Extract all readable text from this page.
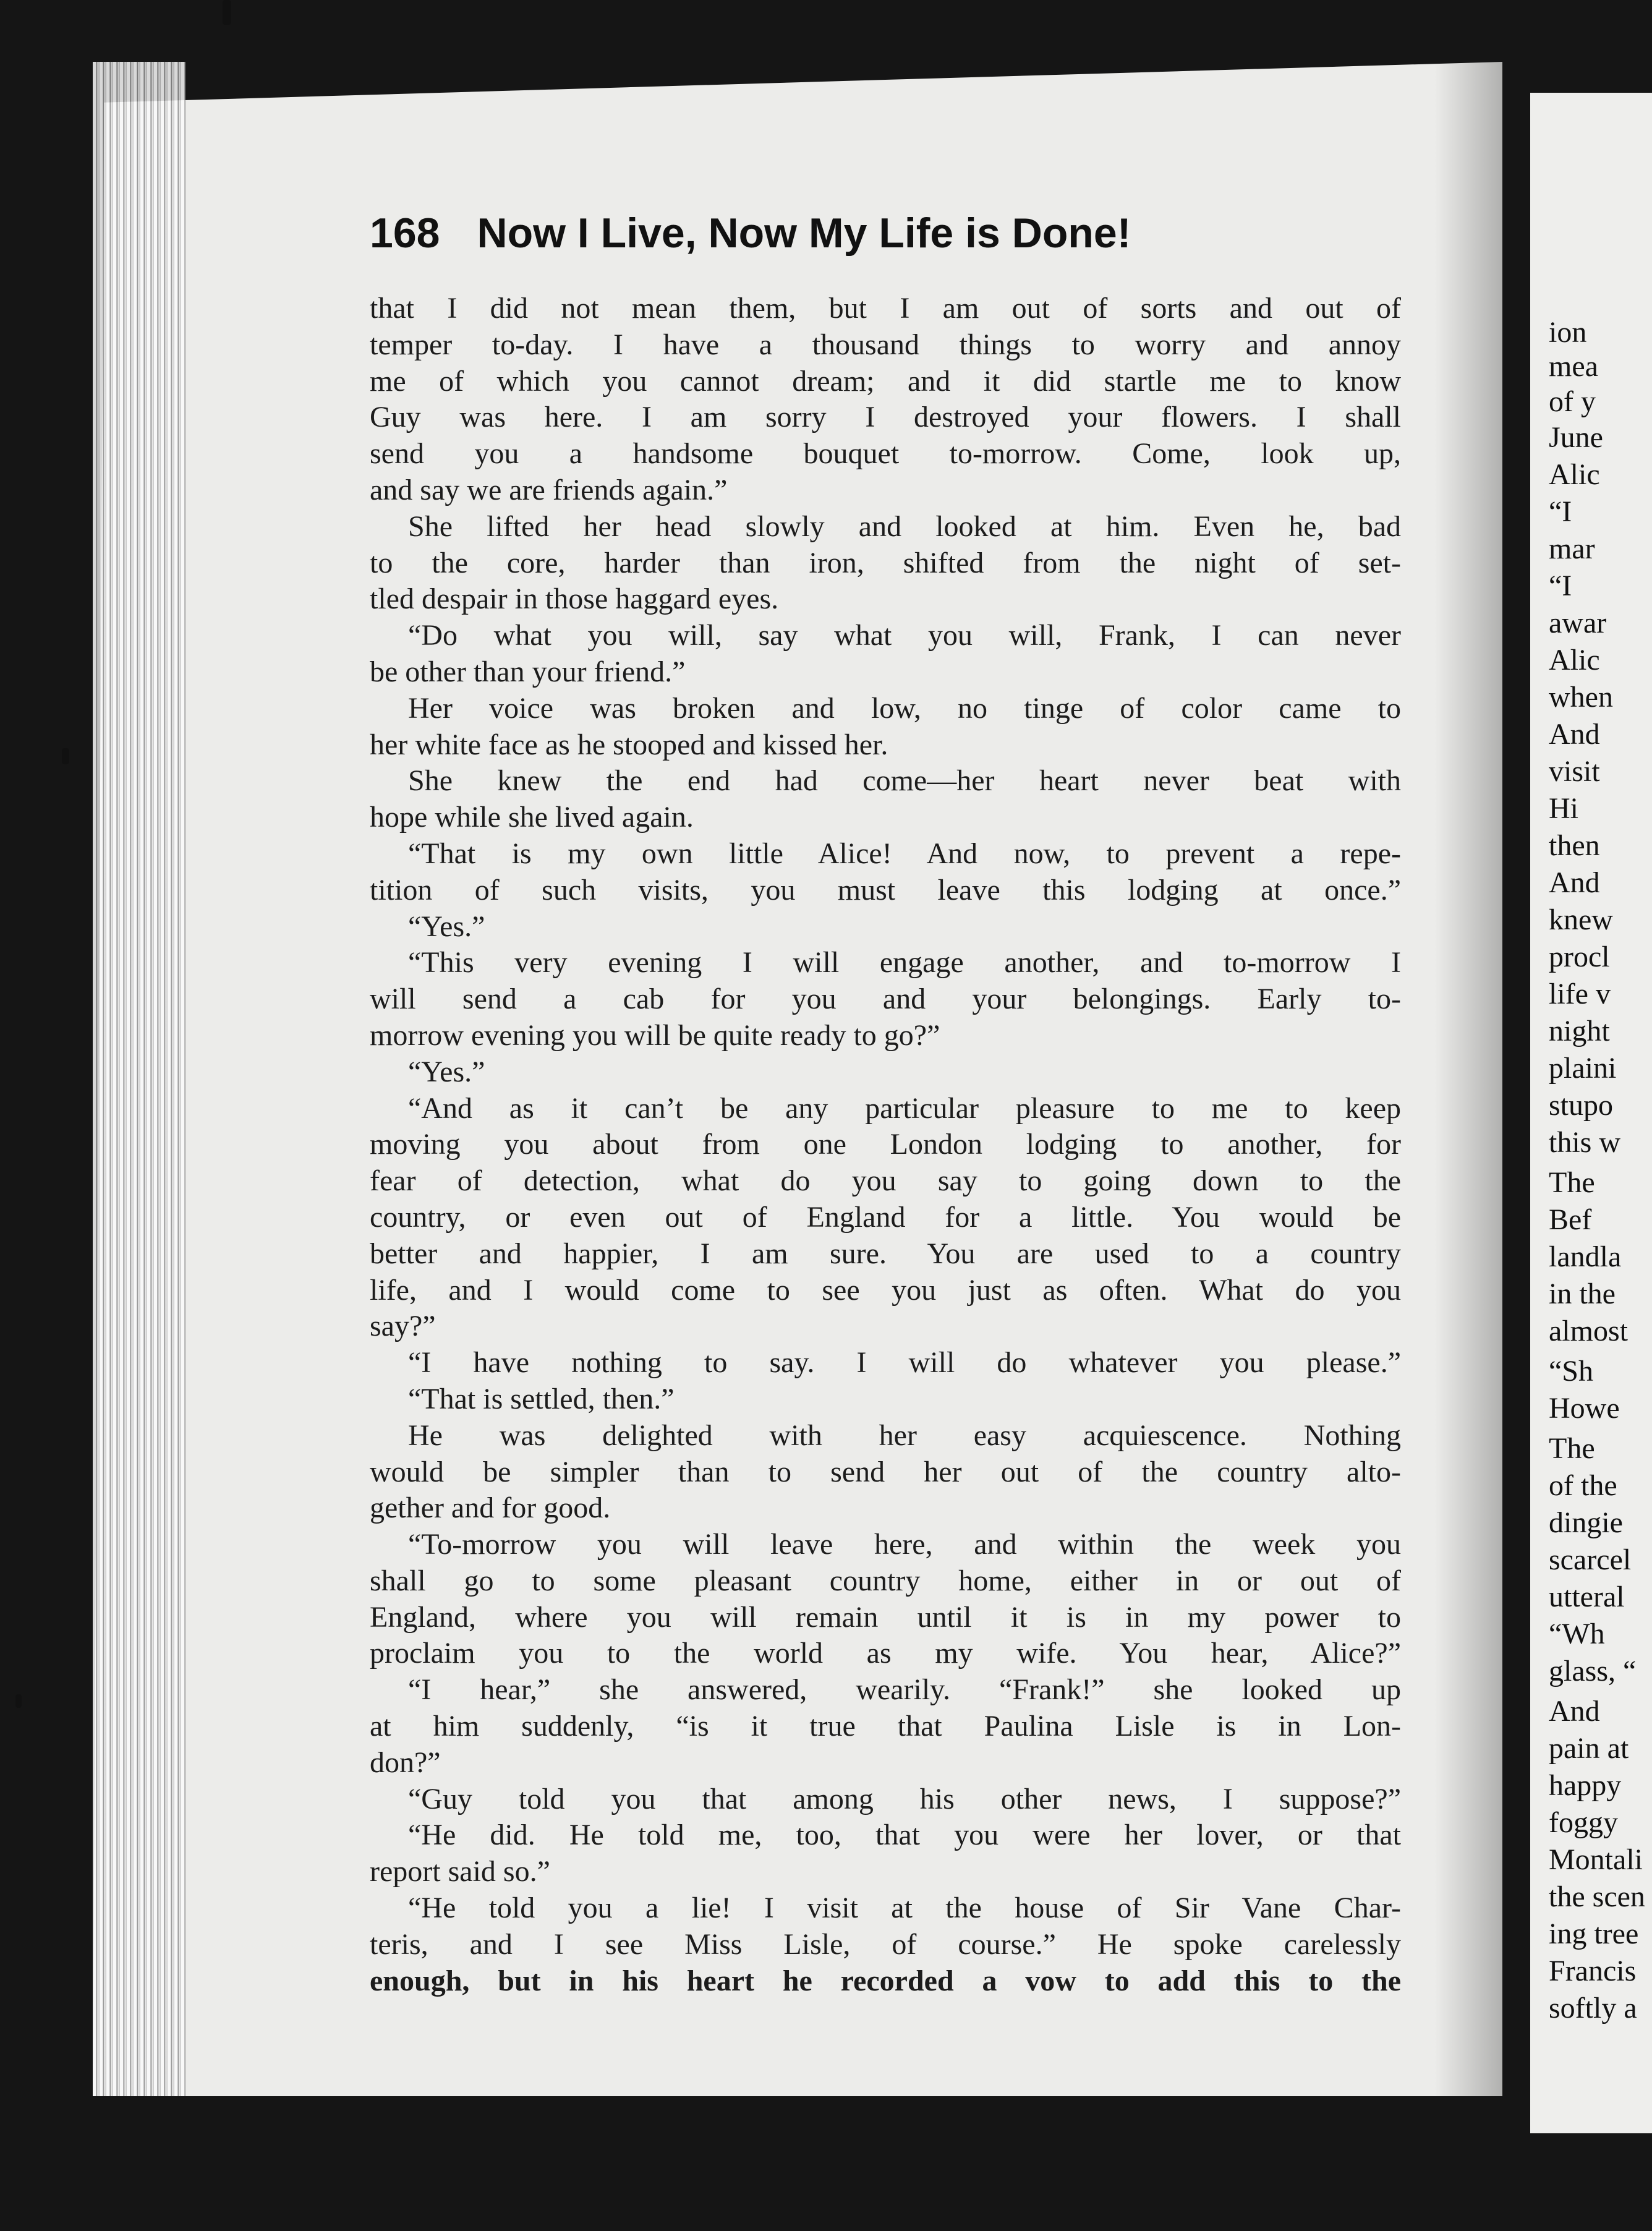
168 Now I Live, Now My Life is Done!
that I did not mean them, but I am out of sorts and out of
temper to-day. I have a thousand things to worry and annoy
me of which you cannot dream; and it did startle me to know
Guy was here. I am sorry I destroyed your flowers. I shall
send you a handsome bouquet to-morrow. Come, look up,
and say we are friends again.”
She lifted her head slowly and looked at him. Even he, bad
to the core, harder than iron, shifted from the night of set-
tled despair in those haggard eyes.
“Do what you will, say what you will, Frank, I can never
be other than your friend.”
Her voice was broken and low, no tinge of color came to
her white face as he stooped and kissed her.
She knew the end had come—her heart never beat with
hope while she lived again.
“That is my own little Alice! And now, to prevent a repe-
tition of such visits, you must leave this lodging at once.”
“Yes.”
“This very evening I will engage another, and to-morrow I
will send a cab for you and your belongings. Early to-
morrow evening you will be quite ready to go?”
“Yes.”
“And as it can’t be any particular pleasure to me to keep
moving you about from one London lodging to another, for
fear of detection, what do you say to going down to the
country, or even out of England for a little. You would be
better and happier, I am sure. You are used to a country
life, and I would come to see you just as often. What do you
say?”
“I have nothing to say. I will do whatever you please.”
“That is settled, then.”
He was delighted with her easy acquiescence. Nothing
would be simpler than to send her out of the country alto-
gether and for good.
“To-morrow you will leave here, and within the week you
shall go to some pleasant country home, either in or out of
England, where you will remain until it is in my power to
proclaim you to the world as my wife. You hear, Alice?”
“I hear,” she answered, wearily. “Frank!” she looked up
at him suddenly, “is it true that Paulina Lisle is in Lon-
don?”
“Guy told you that among his other news, I suppose?”
“He did. He told me, too, that you were her lover, or that
report said so.”
“He told you a lie! I visit at the house of Sir Vane Char-
teris, and I see Miss Lisle, of course.” He spoke carelessly
enough, but in his heart he recorded a vow to add this to the
ion
mea
of y
June
Alic
“I
mar
“I
awar
Alic
when
And
visit
Hi
then
And
knew
procl
life v
night
plaini
stupo
this w
The
Bef
landla
in the
almost
“Sh
Howe
The
of the
dingie
scarcel
utteral
“Wh
glass, “
And
pain at
happy
foggy
Montali
the scen
ing tree
Francis
softly a
